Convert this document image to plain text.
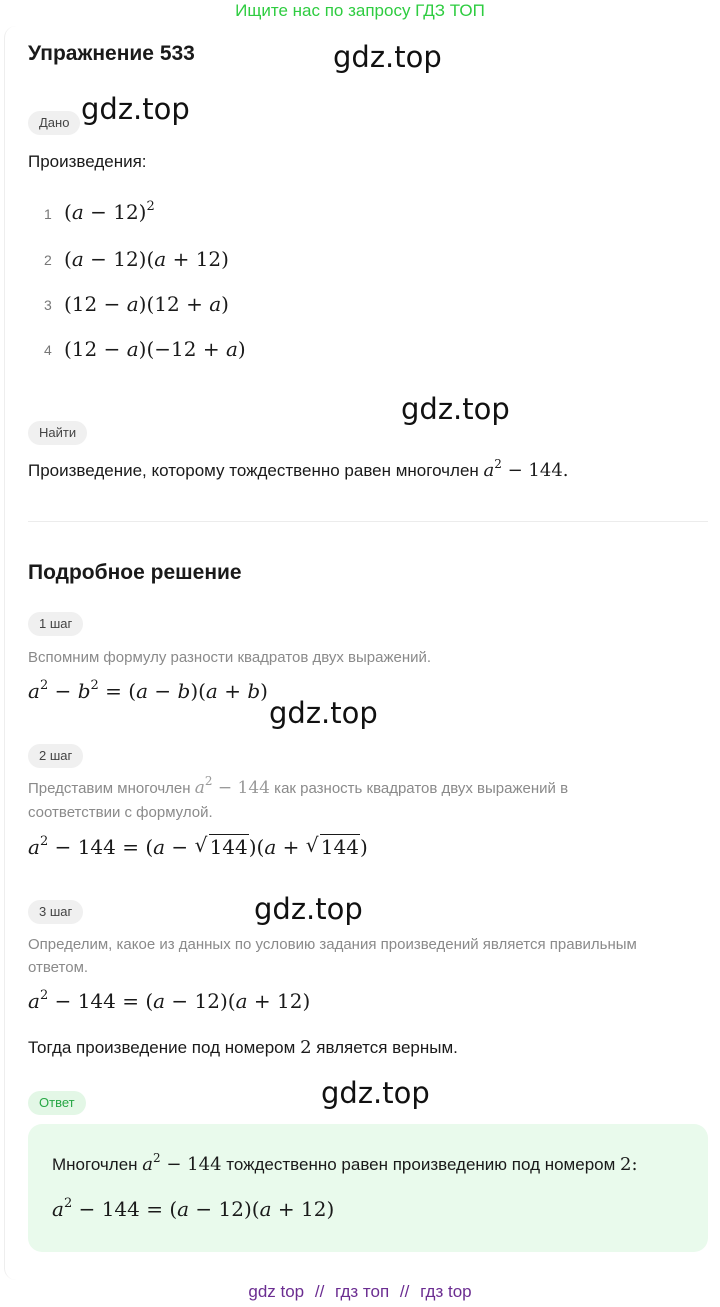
Ищите нас по запросу ГДЗ ТОП
Упражнение 533	gdz.top
Дано gdz.top
Произведения:
1 $(a - 12)^2$
2 (a − 12)(a + 12)
3 (12 − a)(12 + a)
4 (12 − a)(−12 + a)
gdz.top
Найти
Произведение, которому тождественно равен многочлен $a^2 - 144$.
Подробное решение
1 шаг
Вспомним формулу разности квадратов двух выражений.
$a^2 - b^2 = (a - b)(a + b)$
gdz.top
2 шаг
Представим многочлен $a^2 - 144$ как разность квадратов двух выражений в
соответствии с формулой.
$a^2 - 144 = (a$ − √ 144)(a + √ 144)
3 шаг	gdz.top
Определим, какое из данных по условию задания произведений является правильным
ответом.
$a^2 - 144 = (a - 12)(a + 12)$
Тогда произведение под номером 2 является верным.
Ответ	gdz.top
Многочлен $a^2 - 144$ тождественно равен произведению под номером 2:
$a^2 - 144 = (a - 12)(a + 12)$
gdz top // гдз топ // гдз top
